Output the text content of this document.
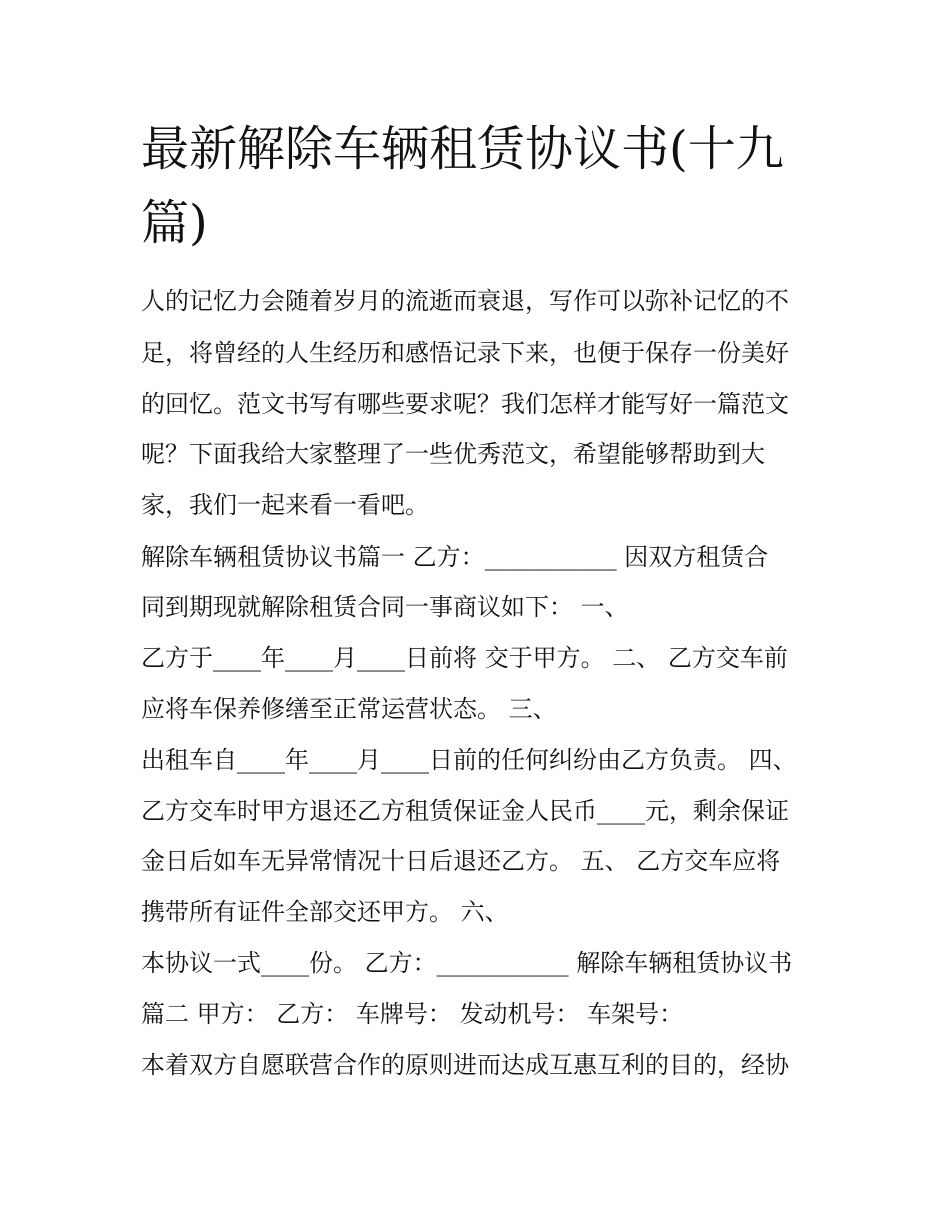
最新解除车辆租赁协议书(十九篇)
人的记忆力会随着岁月的流逝而衰退，写作可以弥补记忆的不
足，将曾经的人生经历和感悟记录下来，也便于保存一份美好
的回忆。范文书写有哪些要求呢？我们怎样才能写好一篇范文
呢？下面我给大家整理了一些优秀范文，希望能够帮助到大
家，我们一起来看一看吧。
解除车辆租赁协议书篇一 乙方：___________ 因双方租赁合
同到期现就解除租赁合同一事商议如下： 一、
乙方于____年____月____日前将 交于甲方。 二、 乙方交车前
应将车保养修缮至正常运营状态。 三、
出租车自____年____月____日前的任何纠纷由乙方负责。 四、
乙方交车时甲方退还乙方租赁保证金人民币____元，剩余保证
金日后如车无异常情况十日后退还乙方。 五、 乙方交车应将
携带所有证件全部交还甲方。 六、
本协议一式____份。 乙方：___________ 解除车辆租赁协议书
篇二 甲方： 乙方： 车牌号： 发动机号： 车架号：
本着双方自愿联营合作的原则进而达成互惠互利的目的，经协
